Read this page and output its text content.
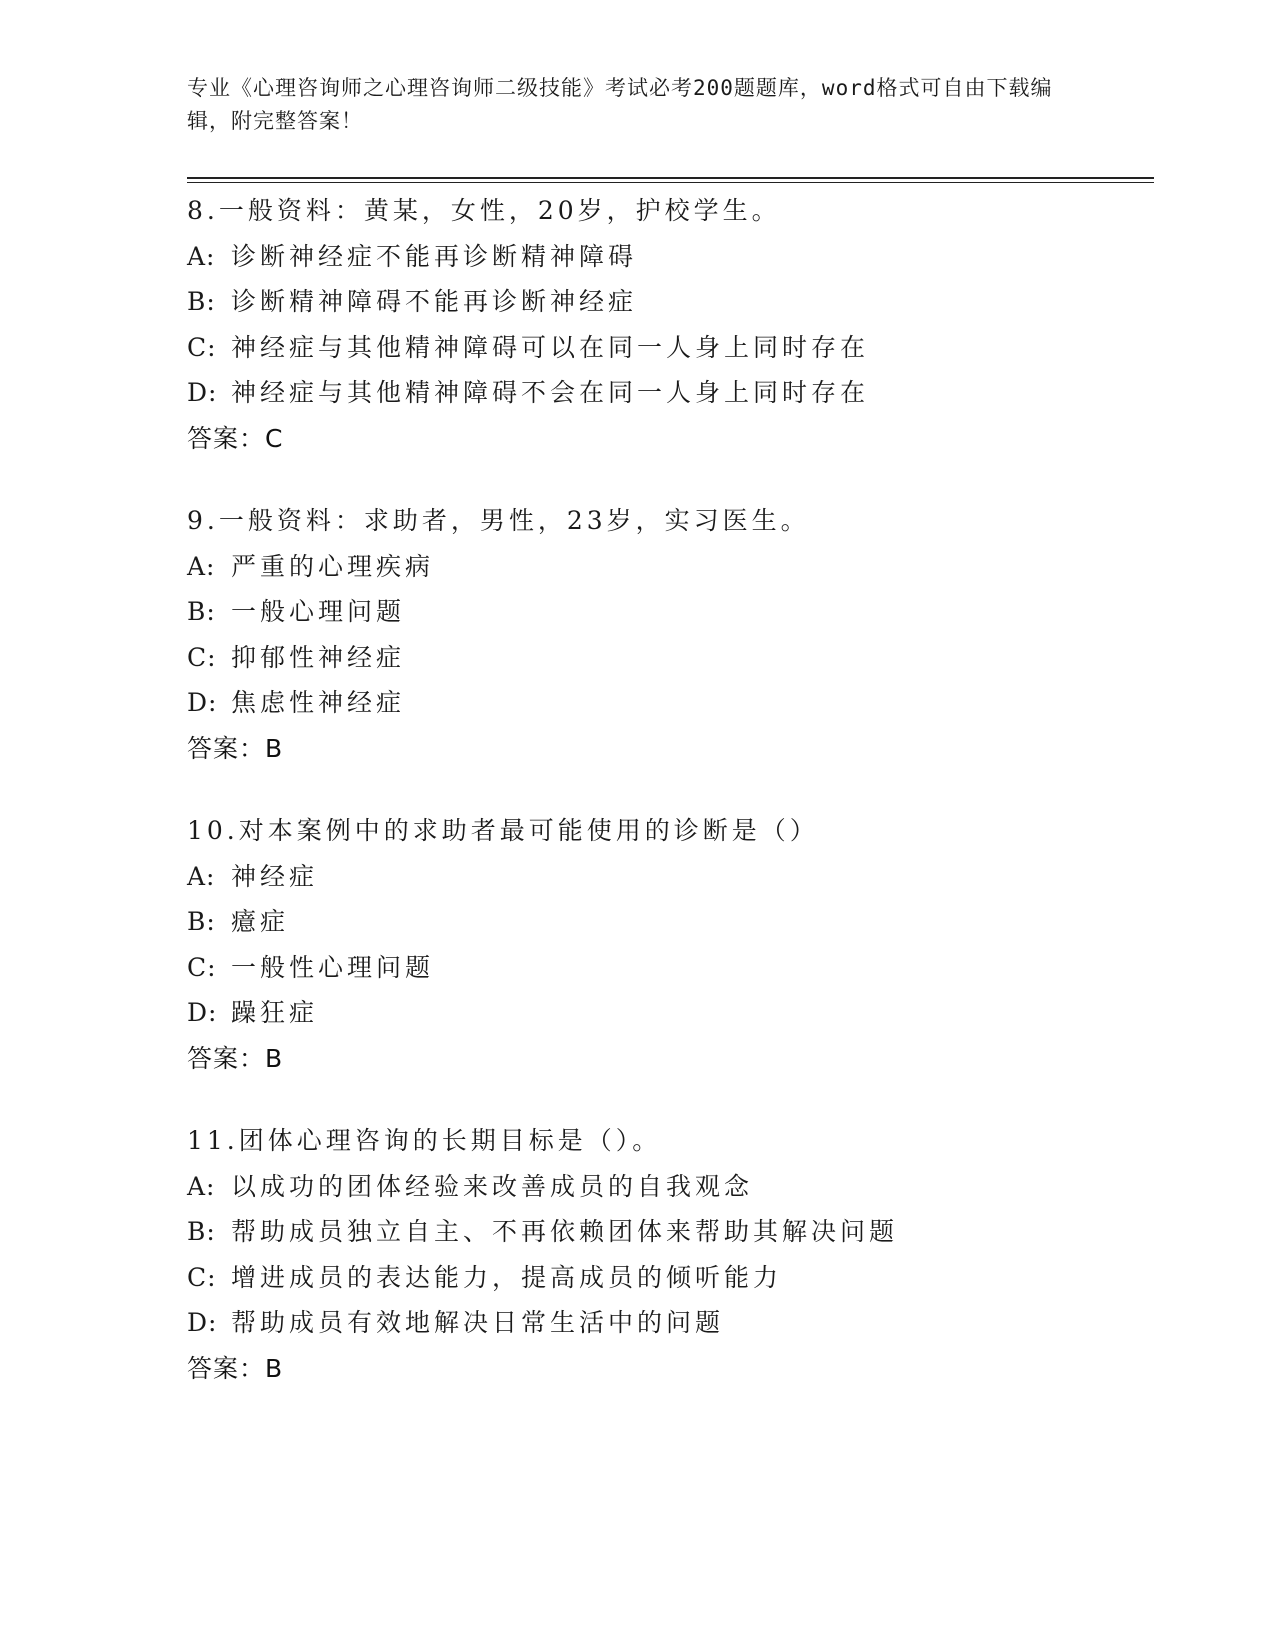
专业《心理咨询师之心理咨询师二级技能》考试必考200题题库，word格式可自由下载编辑，附完整答案！
8.一般资料：黄某，女性，20岁，护校学生。
A: 诊断神经症不能再诊断精神障碍
B: 诊断精神障碍不能再诊断神经症
C: 神经症与其他精神障碍可以在同一人身上同时存在
D: 神经症与其他精神障碍不会在同一人身上同时存在
答案：C
9.一般资料：求助者，男性，23岁，实习医生。
A: 严重的心理疾病
B: 一般心理问题
C: 抑郁性神经症
D: 焦虑性神经症
答案：B
10.对本案例中的求助者最可能使用的诊断是（）
A: 神经症
B: 癔症
C: 一般性心理问题
D: 躁狂症
答案：B
11.团体心理咨询的长期目标是（）。
A: 以成功的团体经验来改善成员的自我观念
B: 帮助成员独立自主、不再依赖团体来帮助其解决问题
C: 增进成员的表达能力，提高成员的倾听能力
D: 帮助成员有效地解决日常生活中的问题
答案：B
